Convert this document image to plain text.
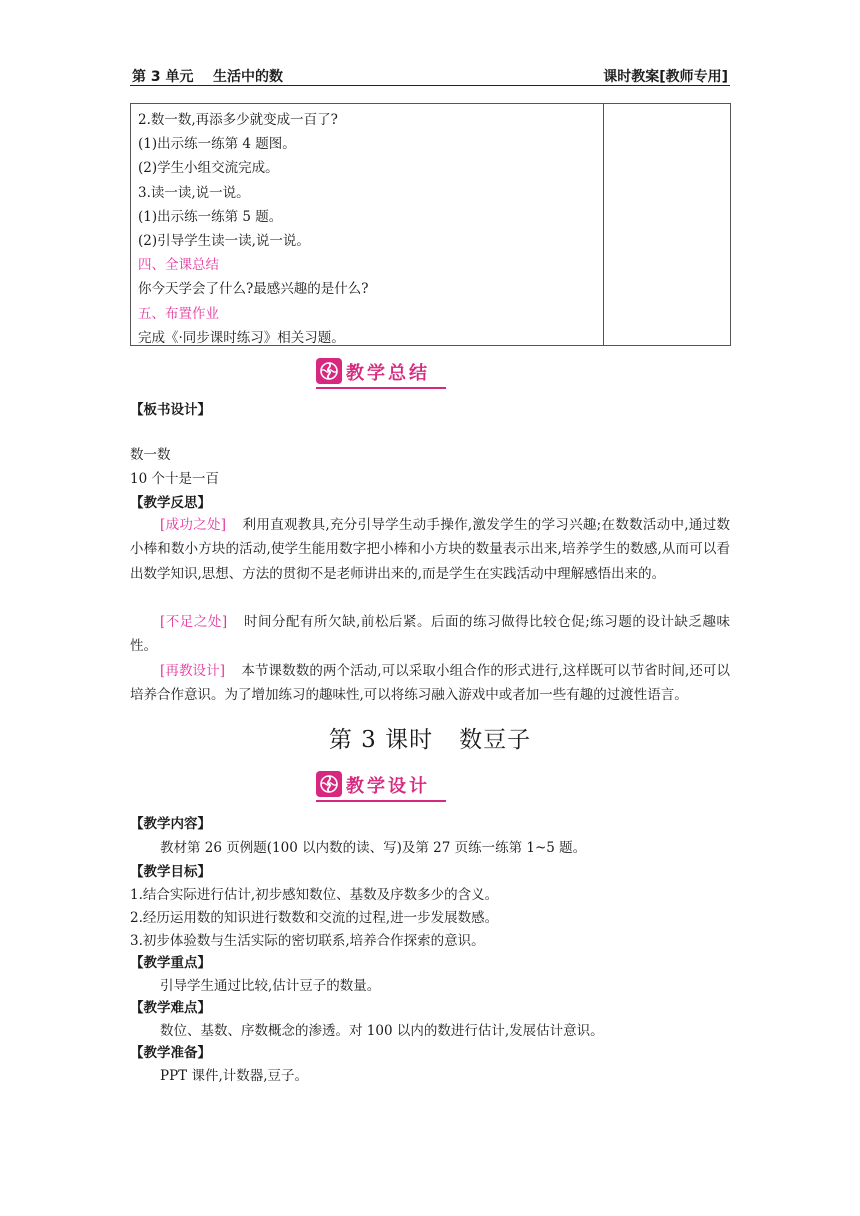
第 3 单元    生活中的数	课时教案[教师专用]
2.数一数,再添多少就变成一百了?
(1)出示练一练第 4 题图。
(2)学生小组交流完成。
3.读一读,说一说。
(1)出示练一练第 5 题。
(2)引导学生读一读,说一说。
四、全课总结
你今天学会了什么?最感兴趣的是什么?
五、布置作业
完成《·同步课时练习》相关习题。
教学总结
【板书设计】
数一数
10 个十是一百
【教学反思】
[成功之处] 利用直观教具,充分引导学生动手操作,激发学生的学习兴趣;在数数活动中,通过数小棒和数小方块的活动,使学生能用数字把小棒和小方块的数量表示出来,培养学生的数感,从而可以看出数学知识,思想、方法的贯彻不是老师讲出来的,而是学生在实践活动中理解感悟出来的。
[不足之处] 时间分配有所欠缺,前松后紧。后面的练习做得比较仓促;练习题的设计缺乏趣味性。
[再教设计] 本节课数数的两个活动,可以采取小组合作的形式进行,这样既可以节省时间,还可以培养合作意识。为了增加练习的趣味性,可以将练习融入游戏中或者加一些有趣的过渡性语言。
第 3 课时 数豆子
教学设计
【教学内容】
教材第 26 页例题(100 以内数的读、写)及第 27 页练一练第 1~5 题。
【教学目标】
1.结合实际进行估计,初步感知数位、基数及序数多少的含义。
2.经历运用数的知识进行数数和交流的过程,进一步发展数感。
3.初步体验数与生活实际的密切联系,培养合作探索的意识。
【教学重点】
引导学生通过比较,估计豆子的数量。
【教学难点】
数位、基数、序数概念的渗透。对 100 以内的数进行估计,发展估计意识。
【教学准备】
PPT 课件,计数器,豆子。
